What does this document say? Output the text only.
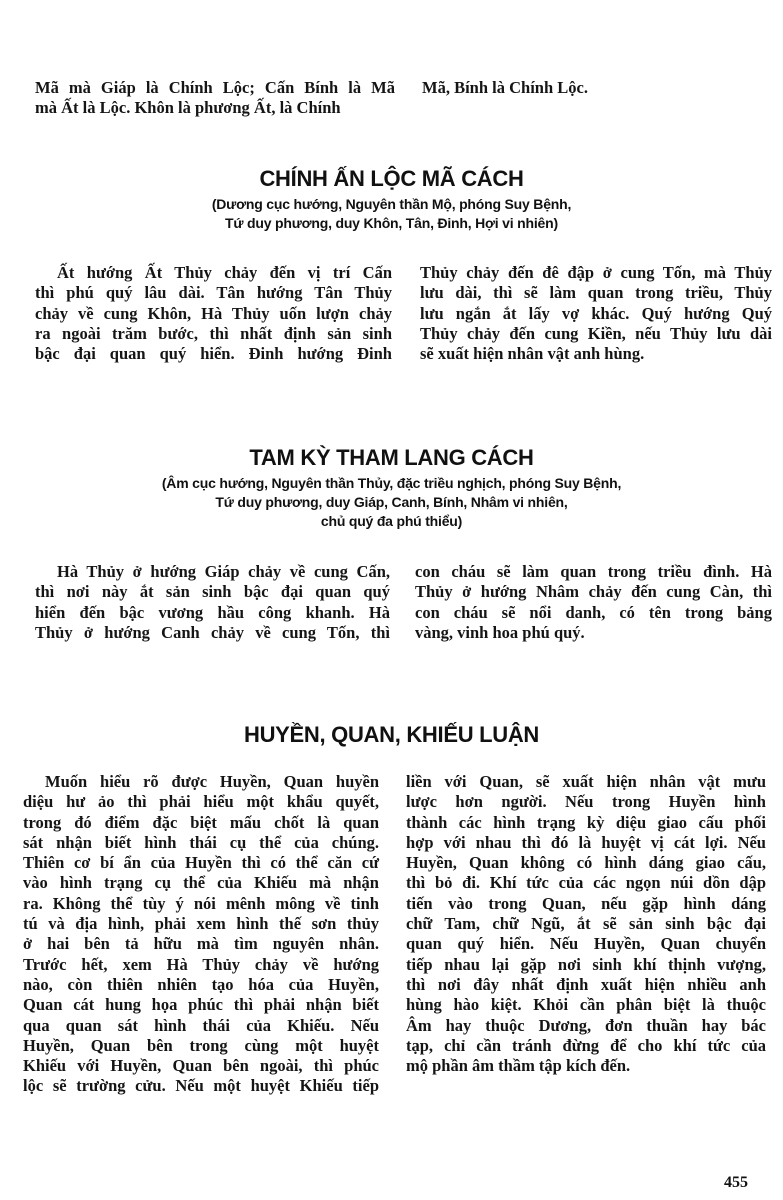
Mã mà Giáp là Chính Lộc; Cấn Bính là Mã
mà Ất là Lộc. Khôn là phương Ất, là Chính
Mã, Bính là Chính Lộc.
CHÍNH ẤN LỘC MÃ CÁCH
(Dương cục hướng, Nguyên thần Mộ, phóng Suy Bệnh,
Tứ duy phương, duy Khôn, Tân, Đinh, Hợi vi nhiên)
Ất hướng Ất Thủy chảy đến vị trí Cấn
thì phú quý lâu dài. Tân hướng Tân Thủy
chảy về cung Khôn, Hà Thủy uốn lượn chảy
ra ngoài trăm bước, thì nhất định sản sinh
bậc đại quan quý hiển. Đinh hướng Đinh
Thủy chảy đến đê đập ở cung Tốn, mà Thủy
lưu dài, thì sẽ làm quan trong triều, Thủy
lưu ngắn ắt lấy vợ khác. Quý hướng Quý
Thủy chảy đến cung Kiền, nếu Thủy lưu dài
sẽ xuất hiện nhân vật anh hùng.
TAM KỲ THAM LANG CÁCH
(Âm cục hướng, Nguyên thần Thủy, đặc triều nghịch, phóng Suy Bệnh,
Tứ duy phương, duy Giáp, Canh, Bính, Nhâm vi nhiên,
chủ quý đa phú thiểu)
Hà Thủy ở hướng Giáp chảy về cung Cấn,
thì nơi này ắt sản sinh bậc đại quan quý
hiển đến bậc vương hầu công khanh. Hà
Thủy ở hướng Canh chảy về cung Tốn, thì
con cháu sẽ làm quan trong triều đình. Hà
Thủy ở hướng Nhâm chảy đến cung Càn, thì
con cháu sẽ nổi danh, có tên trong bảng
vàng, vinh hoa phú quý.
HUYỀN, QUAN, KHIẾU LUẬN
Muốn hiểu rõ được Huyền, Quan huyền
diệu hư ảo thì phải hiểu một khẩu quyết,
trong đó điểm đặc biệt mấu chốt là quan
sát nhận biết hình thái cụ thể của chúng.
Thiên cơ bí ẩn của Huyền thì có thể căn cứ
vào hình trạng cụ thể của Khiếu mà nhận
ra. Không thể tùy ý nói mênh mông về tinh
tú và địa hình, phải xem hình thế sơn thủy
ở hai bên tả hữu mà tìm nguyên nhân.
Trước hết, xem Hà Thủy chảy về hướng
nào, còn thiên nhiên tạo hóa của Huyền,
Quan cát hung họa phúc thì phải nhận biết
qua quan sát hình thái của Khiếu. Nếu
Huyền, Quan bên trong cùng một huyệt
Khiếu với Huyền, Quan bên ngoài, thì phúc
lộc sẽ trường cửu. Nếu một huyệt Khiếu tiếp
liền với Quan, sẽ xuất hiện nhân vật mưu
lược hơn người. Nếu trong Huyền hình
thành các hình trạng kỳ diệu giao cấu phối
hợp với nhau thì đó là huyệt vị cát lợi. Nếu
Huyền, Quan không có hình dáng giao cấu,
thì bỏ đi. Khí tức của các ngọn núi dồn dập
tiến vào trong Quan, nếu gặp hình dáng
chữ Tam, chữ Ngũ, ắt sẽ sản sinh bậc đại
quan quý hiển. Nếu Huyền, Quan chuyển
tiếp nhau lại gặp nơi sinh khí thịnh vượng,
thì nơi đây nhất định xuất hiện nhiều anh
hùng hào kiệt. Khỏi cần phân biệt là thuộc
Âm hay thuộc Dương, đơn thuần hay bác
tạp, chỉ cần tránh đừng để cho khí tức của
mộ phần âm thầm tập kích đến.
455
